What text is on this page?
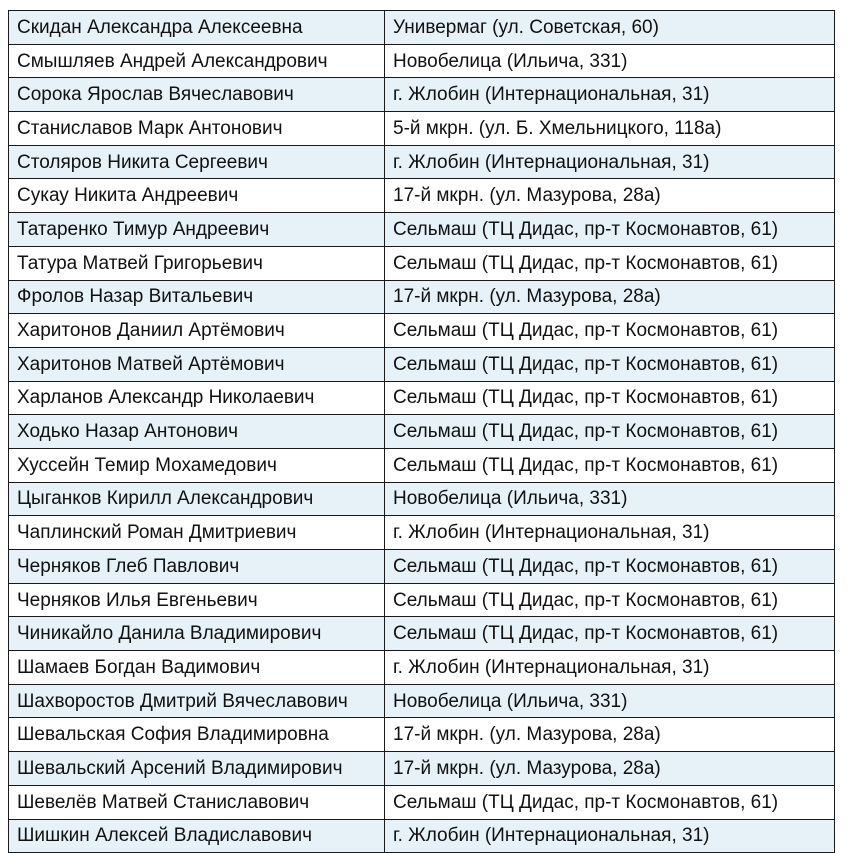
Скидан Александра Алексеевна	Универмаг (ул. Советская, 60)
Смышляев Андрей Александрович	Новобелица (Ильича, 331)
Сорока Ярослав Вячеславович	г. Жлобин (Интернациональная, 31)
Станиславов Марк Антонович	5-й мкрн. (ул. Б. Хмельницкого, 118а)
Столяров Никита Сергеевич	г. Жлобин (Интернациональная, 31)
Сукау Никита Андреевич	17-й мкрн. (ул. Мазурова, 28а)
Татаренко Тимур Андреевич	Сельмаш (ТЦ Дидас, пр-т Космонавтов, 61)
Татура Матвей Григорьевич	Сельмаш (ТЦ Дидас, пр-т Космонавтов, 61)
Фролов Назар Витальевич	17-й мкрн. (ул. Мазурова, 28а)
Харитонов Даниил Артёмович	Сельмаш (ТЦ Дидас, пр-т Космонавтов, 61)
Харитонов Матвей Артёмович	Сельмаш (ТЦ Дидас, пр-т Космонавтов, 61)
Харланов Александр Николаевич	Сельмаш (ТЦ Дидас, пр-т Космонавтов, 61)
Ходько Назар Антонович	Сельмаш (ТЦ Дидас, пр-т Космонавтов, 61)
Хуссейн Темир Мохамедович	Сельмаш (ТЦ Дидас, пр-т Космонавтов, 61)
Цыганков Кирилл Александрович	Новобелица (Ильича, 331)
Чаплинский Роман Дмитриевич	г. Жлобин (Интернациональная, 31)
Черняков Глеб Павлович	Сельмаш (ТЦ Дидас, пр-т Космонавтов, 61)
Черняков Илья Евгеньевич	Сельмаш (ТЦ Дидас, пр-т Космонавтов, 61)
Чиникайло Данила Владимирович	Сельмаш (ТЦ Дидас, пр-т Космонавтов, 61)
Шамаев Богдан Вадимович	г. Жлобин (Интернациональная, 31)
Шахворостов Дмитрий Вячеславович	Новобелица (Ильича, 331)
Шевальская София Владимировна	17-й мкрн. (ул. Мазурова, 28а)
Шевальский Арсений Владимирович	17-й мкрн. (ул. Мазурова, 28а)
Шевелёв Матвей Станиславович	Сельмаш (ТЦ Дидас, пр-т Космонавтов, 61)
Шишкин Алексей Владиславович	г. Жлобин (Интернациональная, 31)
